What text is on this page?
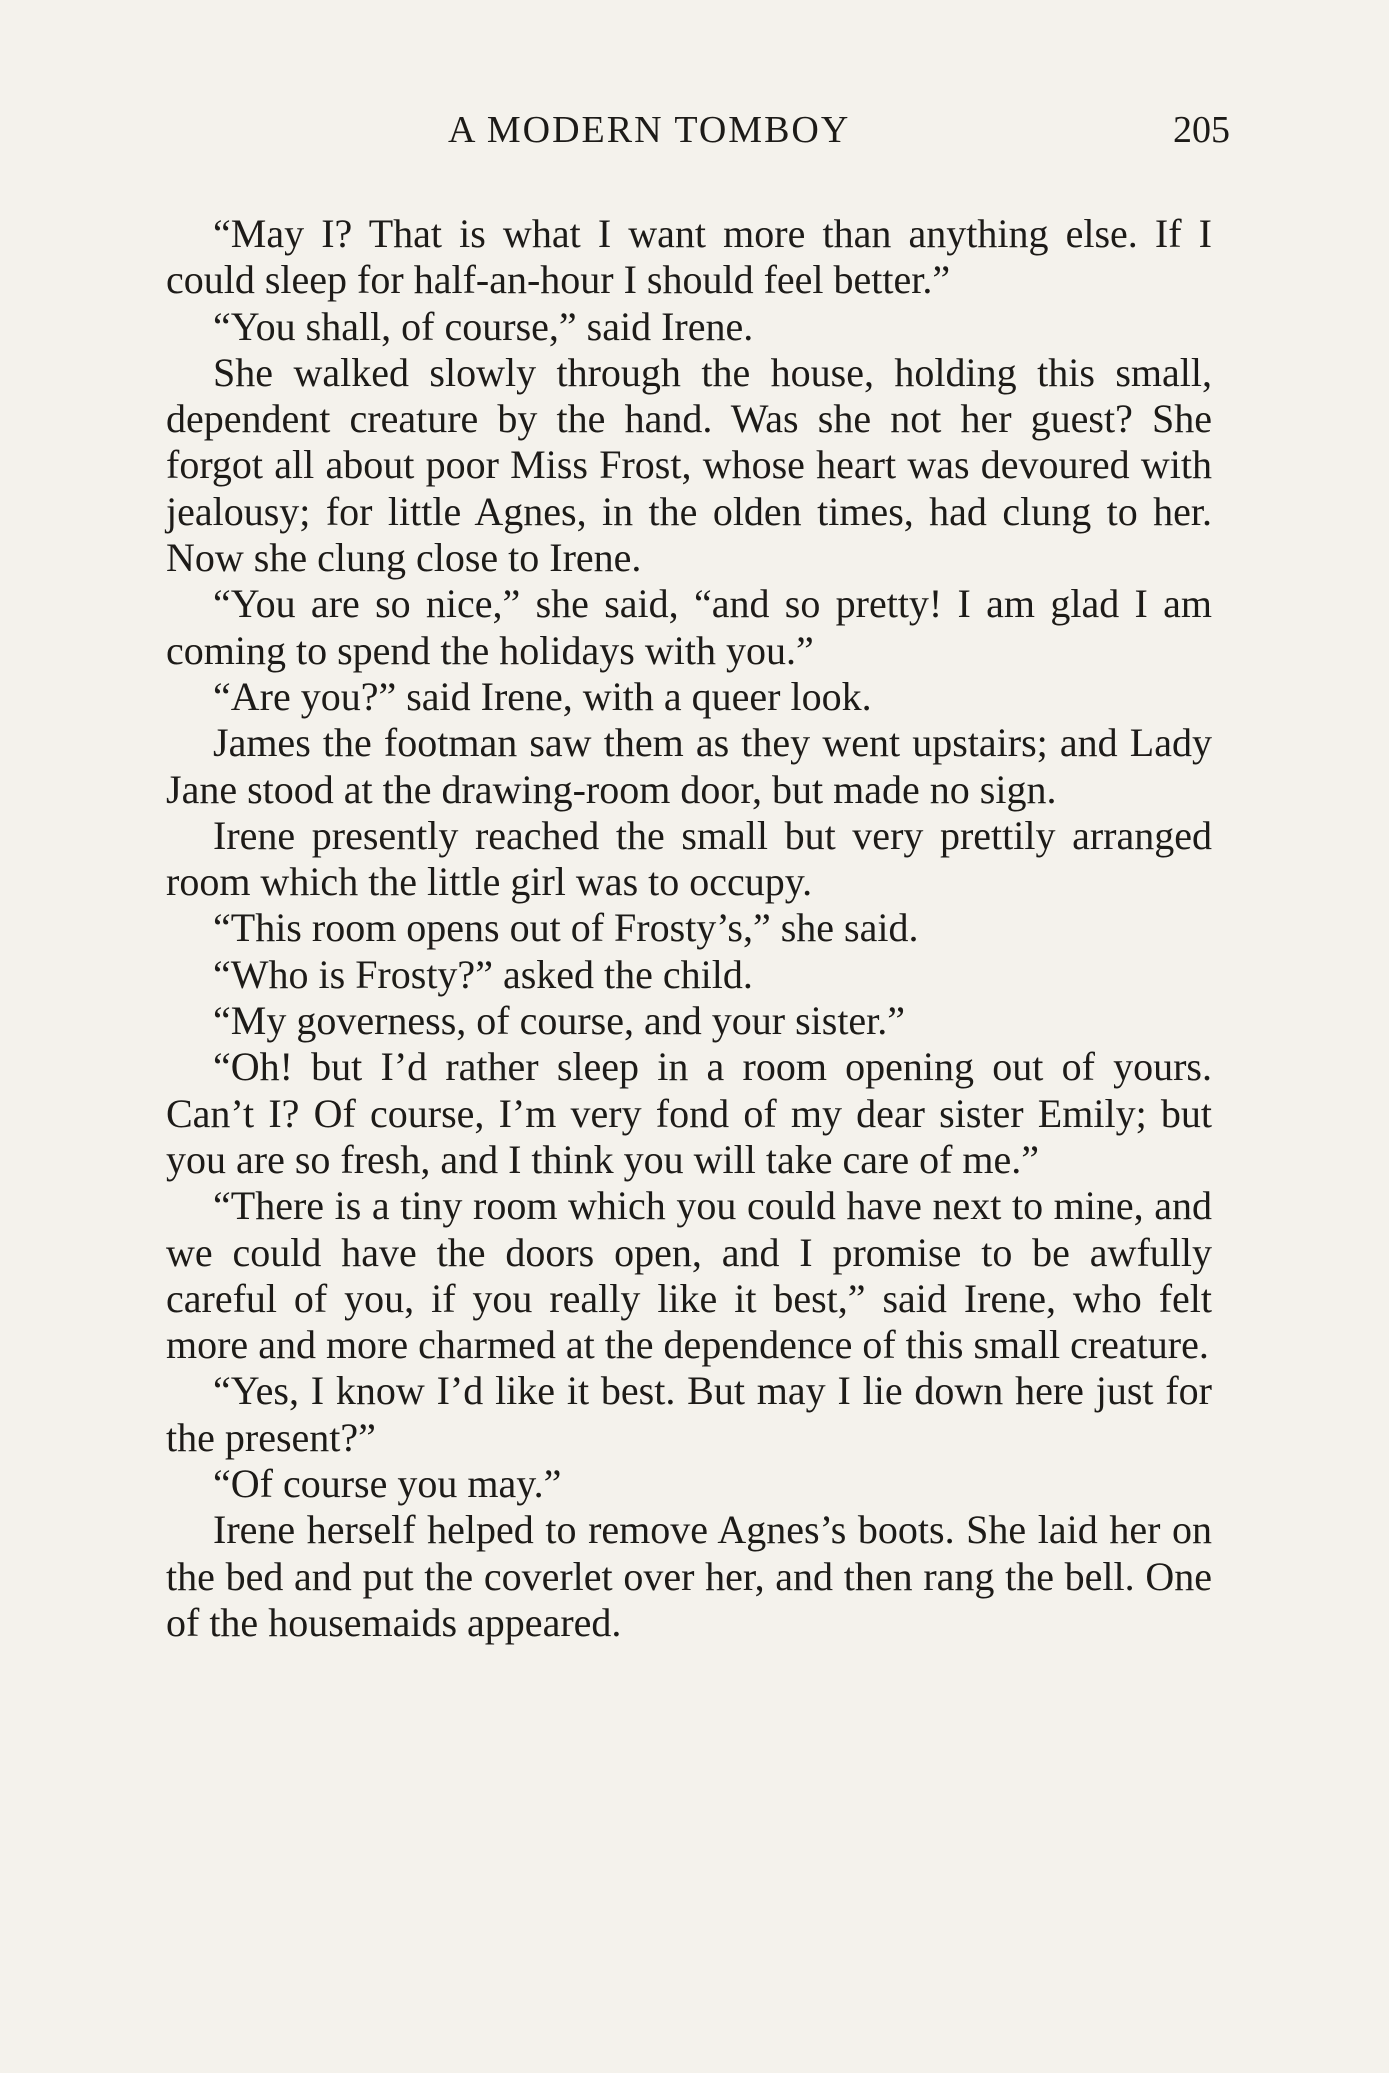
A MODERN TOMBOY	205

“May I? That is what I want more than anything else. If I could sleep for half-an-hour I should feel better.”

“You shall, of course,” said Irene.

She walked slowly through the house, holding this small, dependent creature by the hand. Was she not her guest? She forgot all about poor Miss Frost, whose heart was devoured with jealousy; for little Agnes, in the olden times, had clung to her. Now she clung close to Irene.

“You are so nice,” she said, “and so pretty! I am glad I am coming to spend the holidays with you.”

“Are you?” said Irene, with a queer look.

James the footman saw them as they went upstairs; and Lady Jane stood at the drawing-room door, but made no sign.

Irene presently reached the small but very prettily arranged room which the little girl was to occupy.

“This room opens out of Frosty’s,” she said.

“Who is Frosty?” asked the child.

“My governess, of course, and your sister.”

“Oh! but I’d rather sleep in a room opening out of yours. Can’t I? Of course, I’m very fond of my dear sister Emily; but you are so fresh, and I think you will take care of me.”

“There is a tiny room which you could have next to mine, and we could have the doors open, and I promise to be awfully careful of you, if you really like it best,” said Irene, who felt more and more charmed at the dependence of this small creature.

“Yes, I know I’d like it best. But may I lie down here just for the present?”

“Of course you may.”

Irene herself helped to remove Agnes’s boots. She laid her on the bed and put the coverlet over her, and then rang the bell. One of the housemaids appeared.
